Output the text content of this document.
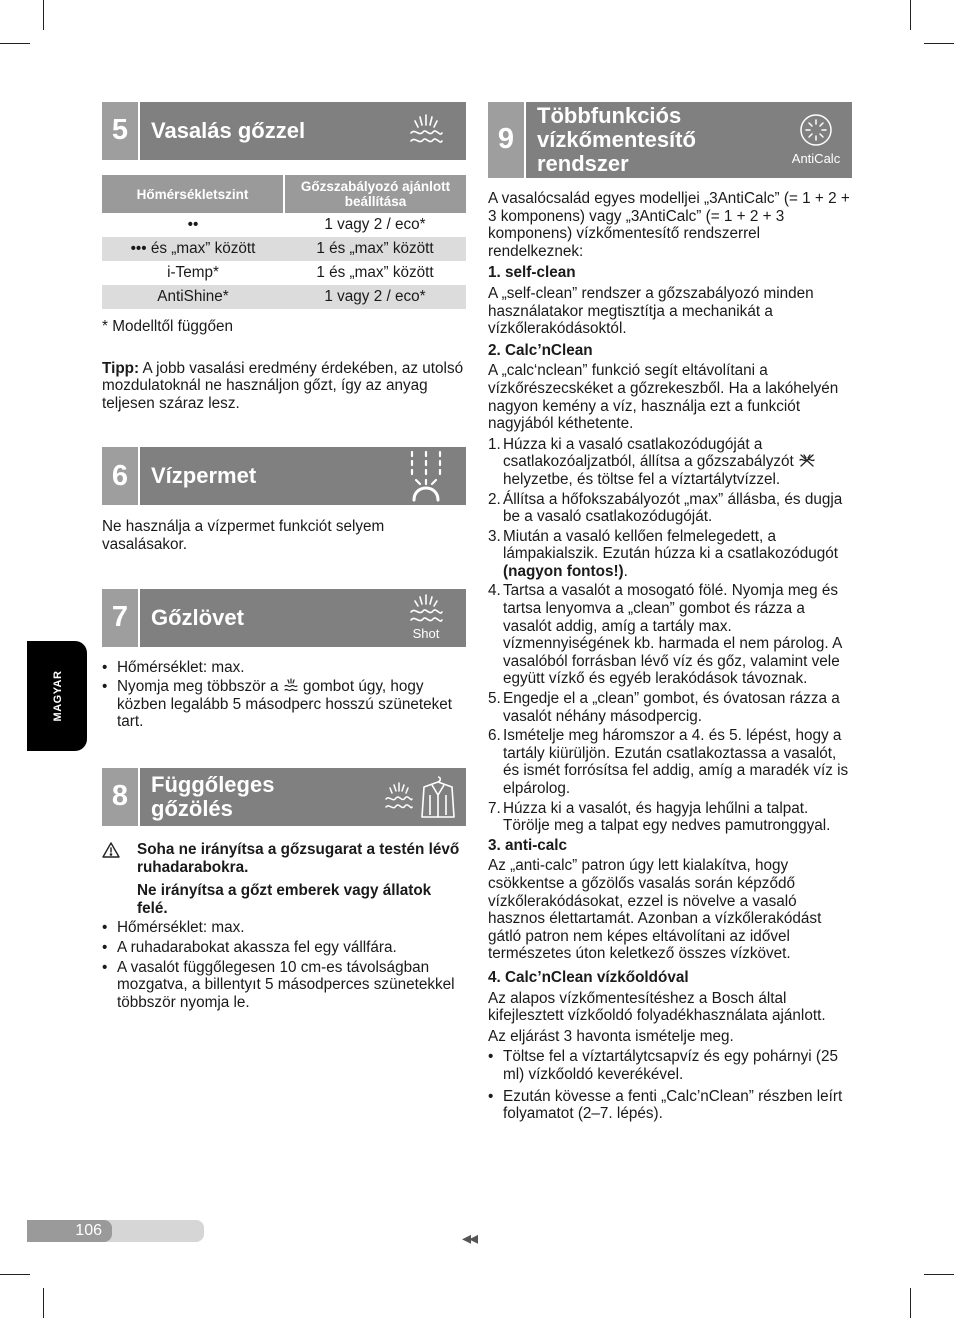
MAGYAR
5	Vasalás gőzzel
Hőmérsékletszint	Gőzszabályozó ajánlott beállítása
••	1 vagy 2 / eco*
••• és „max” között	1 és „max” között
i-Temp*	1 és „max” között
AntiShine*	1 vagy 2 / eco*

* Modelltől függően

Tipp: A jobb vasalási eredmény érdekében, az utolsó mozdulatoknál ne használjon gőzt, így az anyag teljesen száraz lesz.

6	Vízpermet

Ne használja a vízpermet funkciót selyem vasalásakor.

7	Gőzlövet
Shot
• Hőmérséklet: max.
• Nyomja meg többször a  gombot úgy, hogy közben legalább 5 másodperc hosszú szüneteket tart.
8	Függőleges
gőzölés

Soha ne irányítsa a gőzsugarat a testén lévő ruhadarabokra.

Ne irányítsa a gőzt emberek vagy állatok felé.

• Hőmérséklet: max.
• A ruhadarabokat akassza fel egy vállfára.
• A vasalót függőlegesen 10 cm-es távolságban mozgatva, a billentyıt 5 másodperces szünetekkel többször nyomja le.
9
Többfunkciós
vízkőmentesítő
rendszer	AntiCalc

A vasalócsalád egyes modelljei „3AntiCalc” (= 1 + 2 + 3 komponens) vagy „3AntiCalc” (= 1 + 2 + 3 komponens) vízkőmentesítő rendszerrel rendelkeznek:

1. self-clean

A „self-clean” rendszer a gőzszabályozó minden használatakor megtisztítja a mechanikát a vízkőlerakódásoktól.

2. Calc’nClean

A „calc‘nclean” funkció segít eltávolítani a vízkőrészecskéket a gőzrekeszből. Ha a lakóhelyén nagyon kemény a víz, használja ezt a funkciót nagyjából kéthetente.

1. Húzza ki a vasaló csatlakozódugóját a csatlakozóaljzatból, állítsa a gőzszabályzót  helyzetbe, és töltse fel a víztartálytvízzel.
2. Állítsa a hőfokszabályozót „max” állásba, és dugja be a vasaló csatlakozódugóját.
3. Miután a vasaló kellően felmelegedett, a lámpakialszik. Ezután húzza ki a csatlakozódugót (nagyon fontos!).
4. Tartsa a vasalót a mosogató fölé. Nyomja meg és tartsa lenyomva a „clean” gombot és rázza a vasalót addig, amíg a tartály max. vízmennyiségének kb. harmada el nem párolog. A vasalóból forrásban lévő víz és gőz, valamint vele együtt vízkő és egyéb lerakódások távoznak.
5. Engedje el a „clean” gombot, és óvatosan rázza a vasalót néhány másodpercig.
6. Ismételje meg háromszor a 4. és 5. lépést, hogy a tartály kiürüljön. Ezután csatlakoztassa a vasalót, és ismét forrósítsa fel addig, amíg a maradék víz is elpárolog.
7. Húzza ki a vasalót, és hagyja lehűlni a talpat. Törölje meg a talpat egy nedves pamutronggyal.

3. anti-calc

Az „anti-calc” patron úgy lett kialakítva, hogy csökkentse a gőzölős vasalás során képződő vízkőlerakódásokat, ezzel is növelve a vasaló hasznos élettartamát. Azonban a vízkőlerakódást gátló patron nem képes eltávolítani az idővel természetes úton keletkező összes vízkövet.

4. Calc’nClean vízkőoldóval

Az alapos vízkőmentesítéshez a Bosch által kifejlesztett vízkőoldó folyadékhasználata ajánlott.

Az eljárást 3 havonta ismételje meg.

• Töltse fel a víztartálytcsapvíz és egy pohárnyi (25 ml) vízkőoldó keverékével.
• Ezután kövesse a fenti „Calc’nClean” részben leírt folyamatot (2–7. lépés).
106	◂◂
